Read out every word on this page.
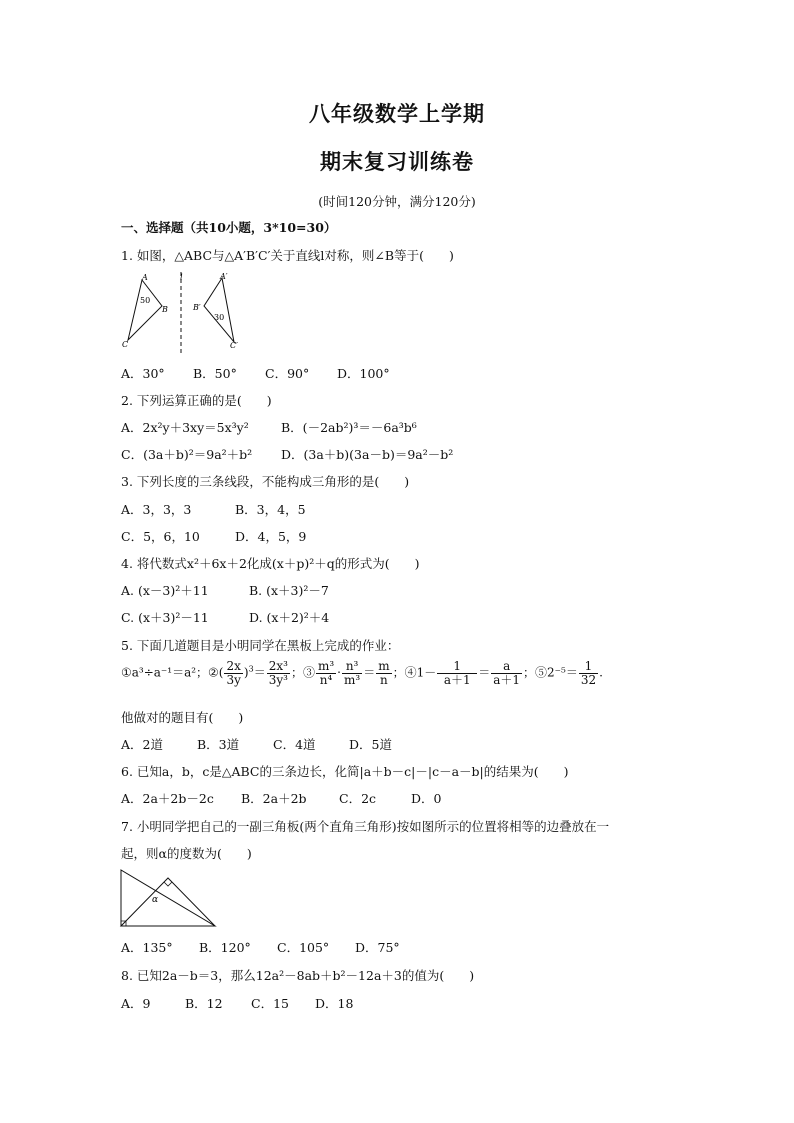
八年级数学上学期
期末复习训练卷
(时间120分钟，满分120分)
一、选择题（共10小题，3*10=30）
1. 如图，△ABC与△A′B′C′关于直线l对称，则∠B等于(　　)
A
B
C
50
l	A′
B′
C′
30
A．30° B．50° C．90° D．100°
2. 下列运算正确的是(　　)
A．2x²y＋3xy＝5x³y²	B．(－2ab²)³＝－6a³b⁶
C．(3a＋b)²＝9a²＋b² D．(3a＋b)(3a－b)＝9a²－b²
3. 下列长度的三条线段，不能构成三角形的是(　　)
A．3，3，3	B．3，4，5
C．5，6，10	D．4，5，9
4. 将代数式x²＋6x＋2化成(x＋p)²＋q的形式为(　　)
A. (x－3)²＋11	B. (x＋3)²－7
C. (x＋3)²－11	D. (x＋2)²＋4
5. 下面几道题目是小明同学在黑板上完成的作业：
①a³÷a⁻¹＝a²；②( $\frac{2x}{3y} )^3= \frac{\text{2x³}}{\text{3y³}}$ ；③ $\frac{\text{m³}}{\text{n⁴}} \cdot \frac{\text{n³}}{\text{m³}} = \frac{m}{n}$ ；④1－ $\frac{1}{a+1} = \frac{a}{a+1}$ ；⑤2⁻⁵＝ $\frac{1}{32}$ .
他做对的题目有(　　)
A．2道	B．3道	C．4道	D．5道
6. 已知a，b，c是△ABC的三条边长，化简|a＋b－c|－|c－a－b|的结果为(　　)
A．2a＋2b－2c B．2a＋2b	C．2c	D．0
7. 小明同学把自己的一副三角板(两个直角三角形)按如图所示的位置将相等的边叠放在一
起，则α的度数为(　　)
α
A．135° B．120° C．105° D．75°
8. 已知2a－b＝3，那么12a²－8ab＋b²－12a＋3的值为(　　)
A．9	B．12 C．15 D．18
